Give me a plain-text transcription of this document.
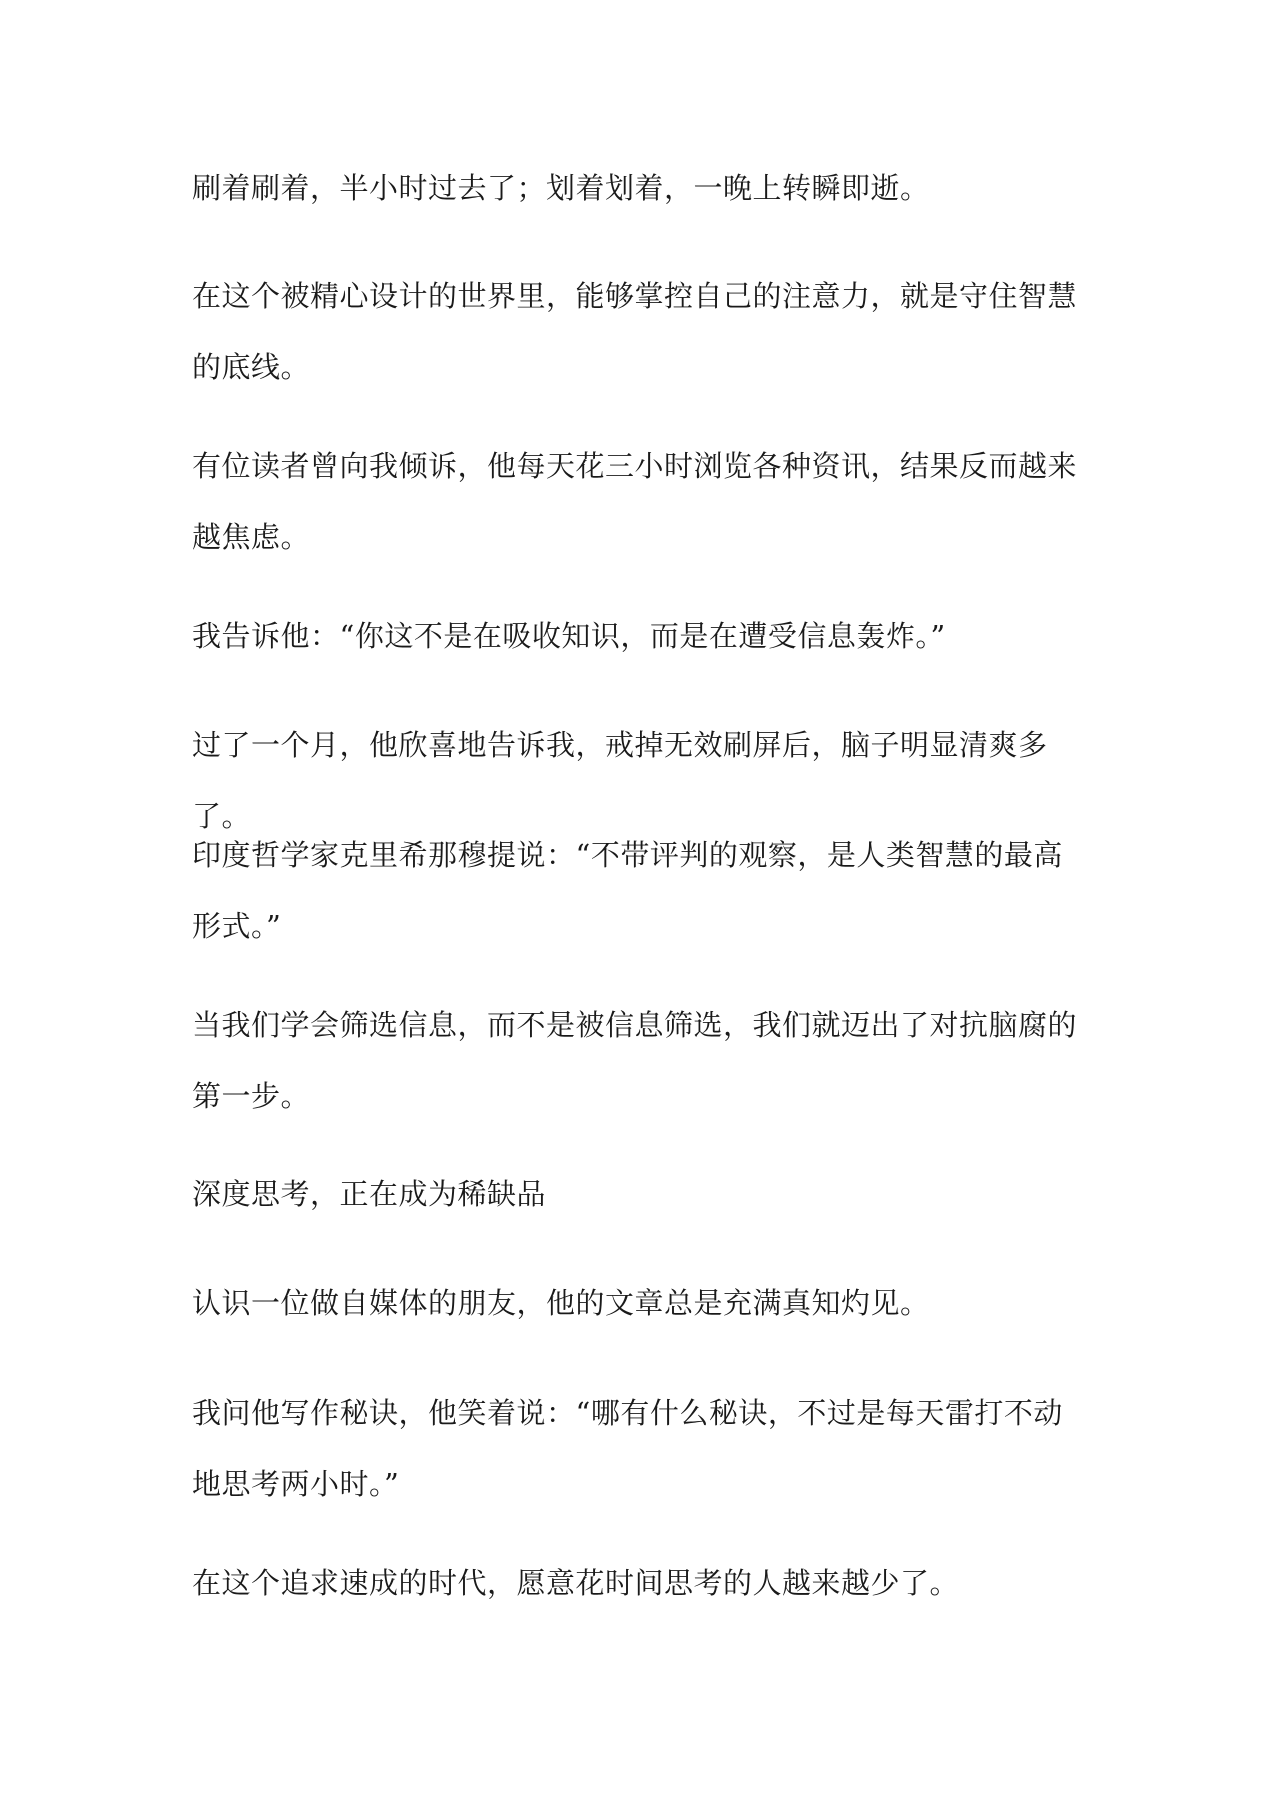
刷着刷着，半小时过去了；划着划着，一晚上转瞬即逝。

在这个被精心设计的世界里，能够掌控自己的注意力，就是守住智慧
的底线。

有位读者曾向我倾诉，他每天花三小时浏览各种资讯，结果反而越来
越焦虑。

我告诉他：“你这不是在吸收知识，而是在遭受信息轰炸。”

过了一个月，他欣喜地告诉我，戒掉无效刷屏后，脑子明显清爽多了。

印度哲学家克里希那穆提说：“不带评判的观察，是人类智慧的最高
形式。”

当我们学会筛选信息，而不是被信息筛选，我们就迈出了对抗脑腐的
第一步。

深度思考，正在成为稀缺品

认识一位做自媒体的朋友，他的文章总是充满真知灼见。

我问他写作秘诀，他笑着说：“哪有什么秘诀，不过是每天雷打不动
地思考两小时。”

在这个追求速成的时代，愿意花时间思考的人越来越少了。
